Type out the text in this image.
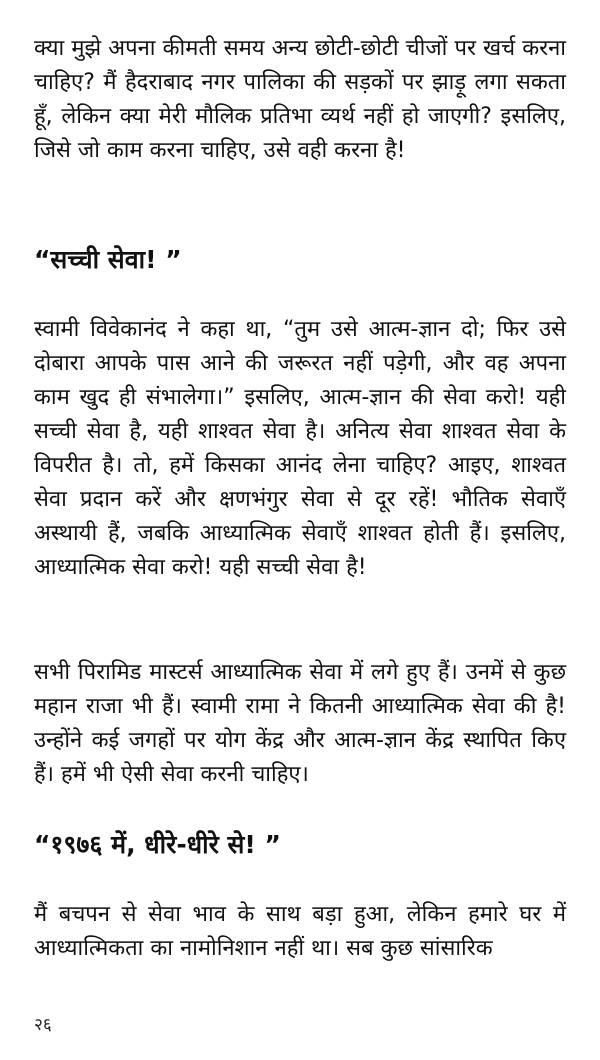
क्या मुझे अपना कीमती समय अन्य छोटी-छोटी चीजों पर खर्च करना चाहिए? मैं हैदराबाद नगर पालिका की सड़कों पर झाड़ू लगा सकता हूँ, लेकिन क्या मेरी मौलिक प्रतिभा व्यर्थ नहीं हो जाएगी? इसलिए, जिसे जो काम करना चाहिए, उसे वही करना है!

“सच्ची सेवा! ”

स्वामी विवेकानंद ने कहा था, “तुम उसे आत्म-ज्ञान दो; फिर उसे दोबारा आपके पास आने की जरूरत नहीं पड़ेगी, और वह अपना काम खुद ही संभालेगा।” इसलिए, आत्म-ज्ञान की सेवा करो! यही सच्ची सेवा है, यही शाश्वत सेवा है। अनित्य सेवा शाश्वत सेवा के विपरीत है। तो, हमें किसका आनंद लेना चाहिए? आइए, शाश्वत सेवा प्रदान करें और क्षणभंगुर सेवा से दूर रहें! भौतिक सेवाएँ अस्थायी हैं, जबकि आध्यात्मिक सेवाएँ शाश्वत होती हैं। इसलिए, आध्यात्मिक सेवा करो! यही सच्ची सेवा है!

सभी पिरामिड मास्टर्स आध्यात्मिक सेवा में लगे हुए हैं। उनमें से कुछ महान राजा भी हैं। स्वामी रामा ने कितनी आध्यात्मिक सेवा की है! उन्होंने कई जगहों पर योग केंद्र और आत्म-ज्ञान केंद्र स्थापित किए हैं। हमें भी ऐसी सेवा करनी चाहिए।

“१९७६ में, धीरे-धीरे से! ”

मैं बचपन से सेवा भाव के साथ बड़ा हुआ, लेकिन हमारे घर में आध्यात्मिकता का नामोनिशान नहीं था। सब कुछ सांसारिक

२६
